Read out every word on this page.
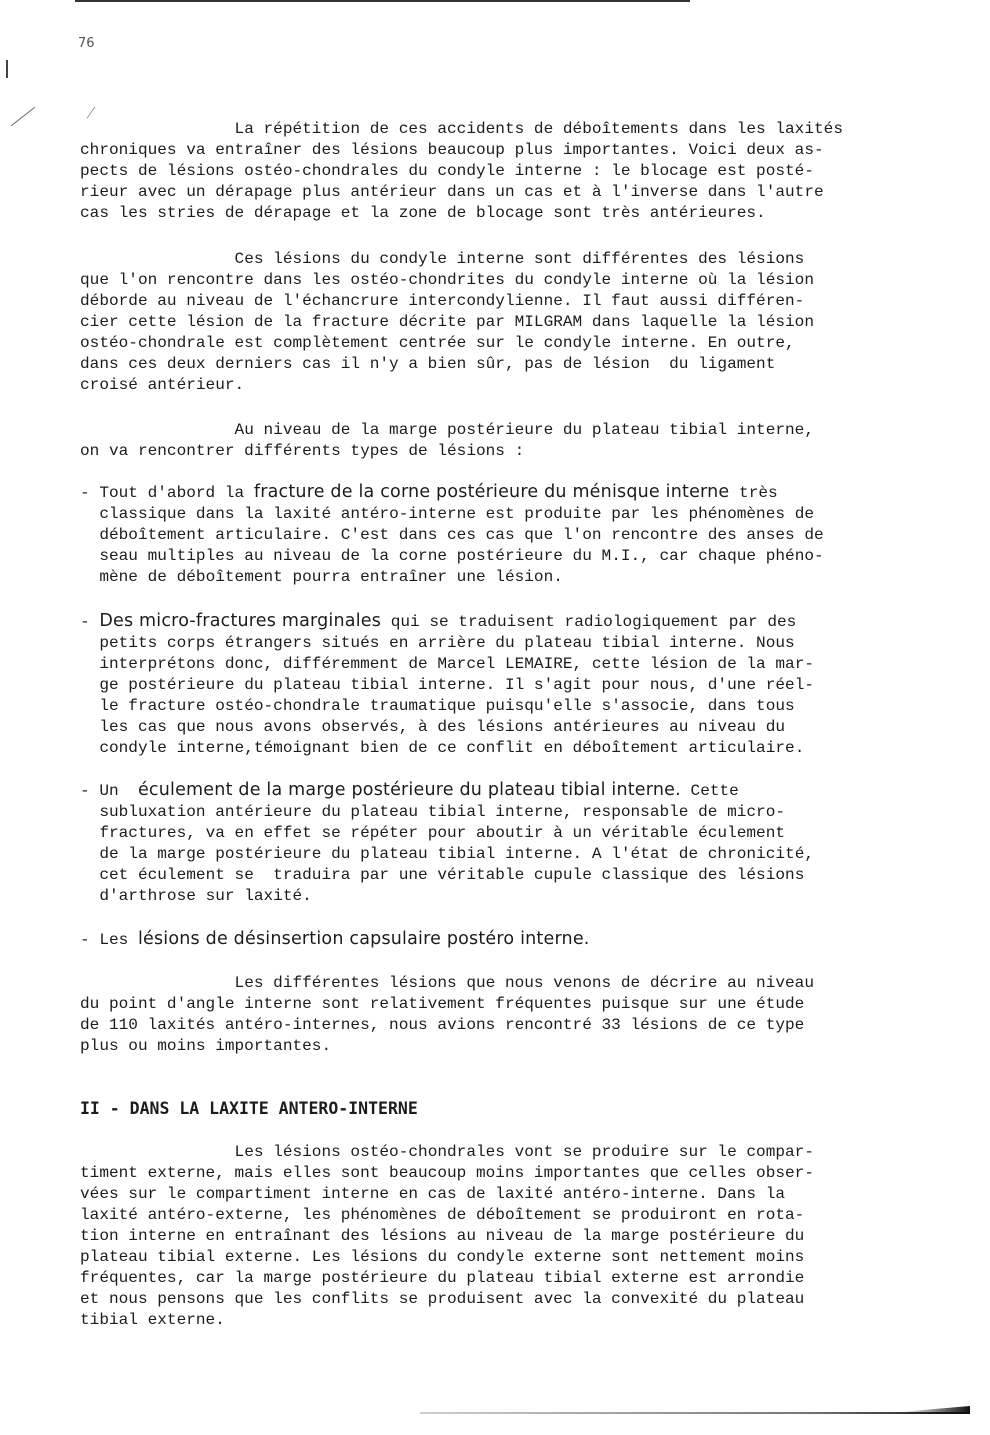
76

La répétition de ces accidents de déboîtements dans les laxités
chroniques va entraîner des lésions beaucoup plus importantes. Voici deux as-
pects de lésions ostéo-chondrales du condyle interne : le blocage est posté-
rieur avec un dérapage plus antérieur dans un cas et à l'inverse dans l'autre
cas les stries de dérapage et la zone de blocage sont très antérieures.

Ces lésions du condyle interne sont différentes des lésions
que l'on rencontre dans les ostéo-chondrites du condyle interne où la lésion
déborde au niveau de l'échancrure intercondylienne. Il faut aussi différen-
cier cette lésion de la fracture décrite par MILGRAM dans laquelle la lésion
ostéo-chondrale est complètement centrée sur le condyle interne. En outre,
dans ces deux derniers cas il n'y a bien sûr, pas de lésion  du ligament
croisé antérieur.

Au niveau de la marge postérieure du plateau tibial interne,
on va rencontrer différents types de lésions :

- Tout d'abord la fracture de la corne postérieure du ménisque interne très
classique dans la laxité antéro-interne est produite par les phénomènes de
déboîtement articulaire. C'est dans ces cas que l'on rencontre des anses de
seau multiples au niveau de la corne postérieure du M.I., car chaque phéno-
mène de déboîtement pourra entraîner une lésion.

- Des micro-fractures marginales qui se traduisent radiologiquement par des
petits corps étrangers situés en arrière du plateau tibial interne. Nous
interprétons donc, différemment de Marcel LEMAIRE, cette lésion de la mar-
ge postérieure du plateau tibial interne. Il s'agit pour nous, d'une réel-
le fracture ostéo-chondrale traumatique puisqu'elle s'associe, dans tous
les cas que nous avons observés, à des lésions antérieures au niveau du
condyle interne,témoignant bien de ce conflit en déboîtement articulaire.

- Un  éculement de la marge postérieure du plateau tibial interne. Cette
subluxation antérieure du plateau tibial interne, responsable de micro-
fractures, va en effet se répéter pour aboutir à un véritable éculement
de la marge postérieure du plateau tibial interne. A l'état de chronicité,
cet éculement se  traduira par une véritable cupule classique des lésions
d'arthrose sur laxité.

- Les lésions de désinsertion capsulaire postéro interne.

Les différentes lésions que nous venons de décrire au niveau
du point d'angle interne sont relativement fréquentes puisque sur une étude
de 110 laxités antéro-internes, nous avions rencontré 33 lésions de ce type
plus ou moins importantes.

II - DANS LA LAXITE ANTERO-INTERNE

Les lésions ostéo-chondrales vont se produire sur le compar-
timent externe, mais elles sont beaucoup moins importantes que celles obser-
vées sur le compartiment interne en cas de laxité antéro-interne. Dans la
laxité antéro-externe, les phénomènes de déboîtement se produiront en rota-
tion interne en entraînant des lésions au niveau de la marge postérieure du
plateau tibial externe. Les lésions du condyle externe sont nettement moins
fréquentes, car la marge postérieure du plateau tibial externe est arrondie
et nous pensons que les conflits se produisent avec la convexité du plateau
tibial externe.
